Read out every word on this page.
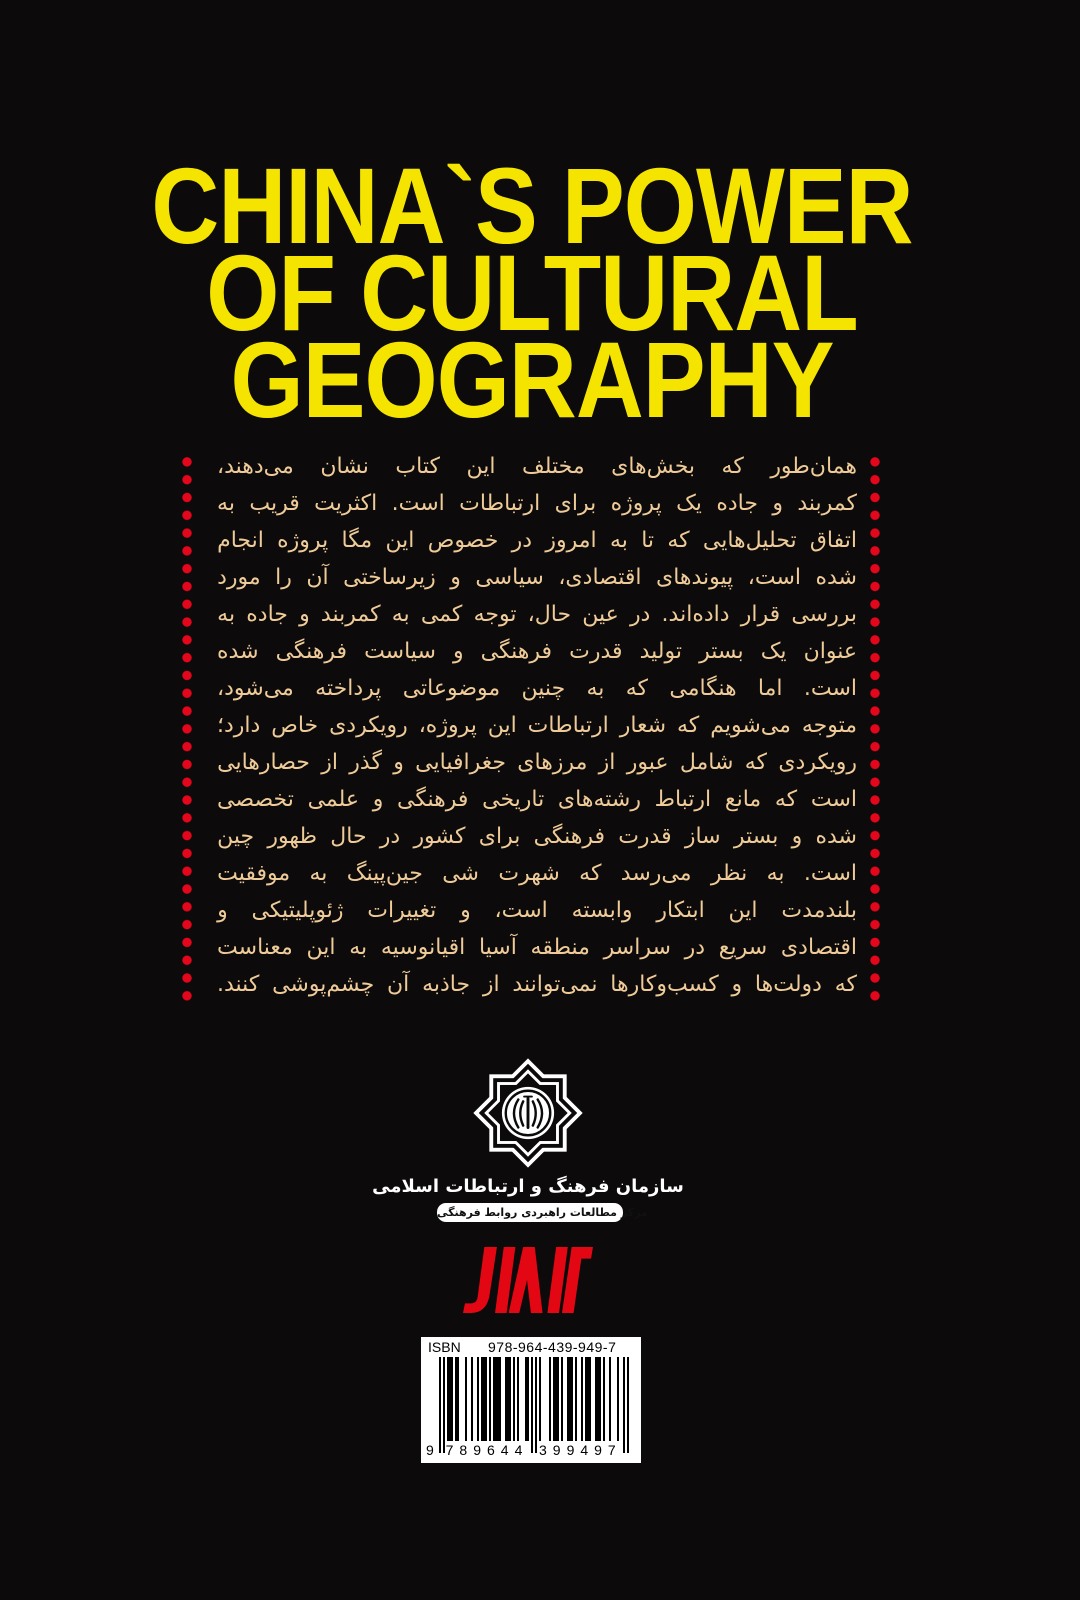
CHINA`S POWER
OF CULTURAL
GEOGRAPHY
همان‌طور
که
بخش‌های
مختلف
این
کتاب
نشان
می‌دهند،
کمربند
و
جاده
یک
پروژه
برای
ارتباطات
است.
اکثریت
قریب
به
اتفاق
تحلیل‌هایی
که
تا
به
امروز
در
خصوص
این
مگا
پروژه
انجام
شده
است،
پیوندهای
اقتصادی،
سیاسی
و
زیرساختی
آن
را
مورد
بررسی
قرار
داده‌اند.
در
عین
حال،
توجه
کمی
به
کمربند
و
جاده
به
عنوان
یک
بستر
تولید
قدرت
فرهنگی
و
سیاست
فرهنگی
شده
است.
اما
هنگامی
که
به
چنین
موضوعاتی
پرداخته
می‌شود،
متوجه
می‌شویم
که
شعار
ارتباطات
این
پروژه،
رویکردی
خاص
دارد؛
رویکردی
که
شامل
عبور
از
مرزهای
جغرافیایی
و
گذر
از
حصارهایی
است
که
مانع
ارتباط
رشته‌های
تاریخی
فرهنگی
و
علمی
تخصصی
شده
و
بستر
ساز
قدرت
فرهنگی
برای
کشور
در
حال
ظهور
چین
است.
به
نظر
می‌رسد
که
شهرت
شی
جین‌پینگ
به
موفقیت
بلندمدت
این
ابتکار
وابسته
است،
و
تغییرات
ژئوپلیتیکی
و
اقتصادی
سریع
در
سراسر
منطقه
آسیا
اقیانوسیه
به
این
معناست
که
دولت‌ها
و
کسب‌وکارها
نمی‌توانند
از
جاذبه
آن
چشم‌پوشی
کنند.
سازمان فرهنگ و ارتباطات اسلامی
مرکز مطالعات راهبردی روابط فرهنگی
ISBN 978-964-439-949-7
9 789644 399497
